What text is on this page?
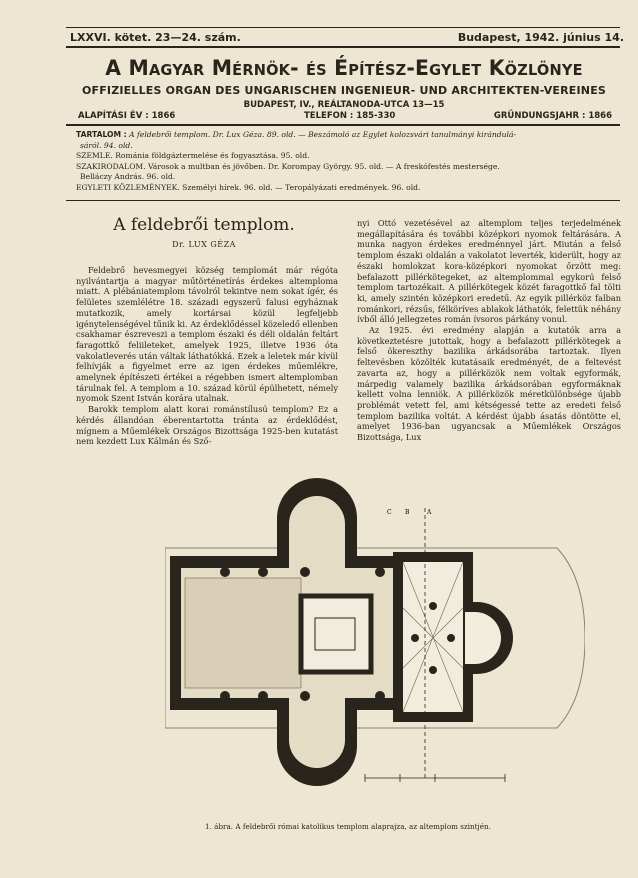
LXXVI. kötet. 23—24. szám.	Budapest, 1942. június 14.
A Magyar Mérnök- és Építész-Egylet Közlönye
OFFIZIELLES ORGAN DES UNGARISCHEN INGENIEUR- UND ARCHITEKTEN-VEREINES
BUDAPEST, IV., REÁLTANODA-UTCA 13—15
ALAPÍTÁSI ÉV : 1866	TELEFON : 185-330	GRÜNDUNGSJAHR : 1866
TARTALOM : A feldebrői templom. Dr. Lux Géza. 89. old. — Beszámoló az Egylet kolozsvári tanulmányi kirándulá-
sáról. 94. old.
SZEMLE. Románia földgáztermelése és fogyasztása. 95. old.
SZAKIRODALOM. Városok a multban és jövőben. Dr. Korompay György. 95. old. — A freskófestés mestersége.
Belláczy András. 96. old.
EGYLETI KÖZLEMÉNYEK. Személyi hírek. 96. old. — Teropályázati eredmények. 96. old.
A feldebrői templom.
Dr. LUX GÉZA

Feldebrő hevesmegyei község templomát már régóta nyilvántartja a magyar műtörténetírás érdekes altemploma miatt. A plébániatemplom távolról tekintve nem sokat ígér, és felületes szemlélétre 18. századi egyszerű falusi egyháznak mutatkozik, amely kortársai közül legfeljebb igénytelenségével tűnik ki. Az érdeklődéssel közeledő ellenben csakhamar észreveszi a templom északi és déli oldalán feltárt faragottkő feliileteket, amelyek 1925, illetve 1936 óta vakolatleverés után váltak láthatókká. Ezek a leletek már kívül felhívják a figyelmet erre az igen érdekes műemlékre, amelynek építészeti értékei a régebben ismert altemplomban tárulnak fel. A templom a 10. század körül épülhetett, némely nyomok Szent István korára utalnak.

Barokk templom alatt korai románstílusú templom? Ez a kérdés állandóan éberentartotta tránta az érdeklődést, mígnem a Műemlékek Országos Bizottsága 1925-ben kutatást nem kezdett Lux Kálmán és Sző-

nyi Ottó vezetésével az altemplom teljes terjedelmének megállapítására és további középkori nyomok feltárására. A munka nagyon érdekes eredménnyel járt. Miután a felső templom északi oldalán a vakolatot leverték, kiderült, hogy az északi homlokzat kora-középkori nyomokat őrzött meg: befalazott pillérkötegeket, az altemplommal egykorú felső templom tartozékait. A pillérkötegek közét faragottkő fal tölti ki, amely szintén középkori eredetű. Az egyik pillérköz falban románkori, rézsűs, félköríves ablakok láthatók, felettük néhány ívből álló jellegzetes román ívsoros párkány vonul.

Az 1925. évi eredmény alapján a kutatók arra a következtetésre jutottak, hogy a befalazott pillérkötegek a felső ökereszthy bazilika árkádsorába tartoztak. Ilyen feltevésben közölték kutatásaik eredményét, de a feltevést zavarta az, hogy a pillérközök nem voltak egyformák, márpedig valamely bazilika árkádsorában egyformáknak kellett volna lenniök. A pillérközök méretkülönbsége újabb problémát vetett fel, ami kétségessé tette az eredeti felső templom bazilika voltát. A kérdést újabb ásatás döntötte el, amelyet 1936-ban ugyancsak a Műemlékek Országos Bizottsága, Lux

C B	A
1. ábra. A feldebrői római katolikus templom alaprajza, az altemplom szintjén.
